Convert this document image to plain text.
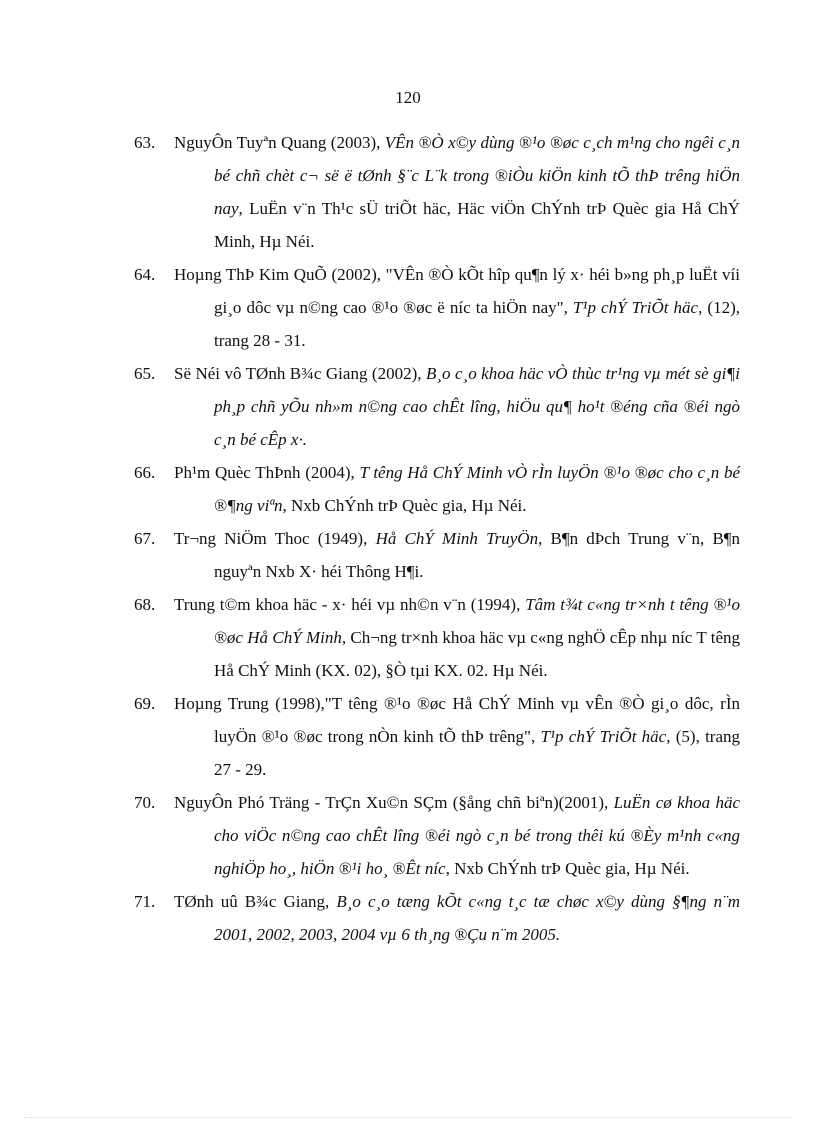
120
63. NguyÔn Tuyªn Quang (2003), VÊn ®Ò x©y dùng ®¹o ®øc c¸ch m¹ng cho ngêi c¸n bé chñ chèt c¬ së ë tØnh §¨c L¨k trong ®iÒu kiÖn kinh tÕ thÞ trêng hiÖn nay, LuËn v¨n Th¹c sÜ triÕt häc, Häc viÖn ChÝnh trÞ Quèc gia Hå ChÝ Minh, Hµ Néi.
64. Hoµng ThÞ Kim QuÕ (2002), "VÊn ®Ò kÕt hîp qu¶n lý x· héi b»ng ph¸p luËt víi gi¸o dôc vµ n©ng cao ®¹o ®øc ë níc ta hiÖn nay", T¹p chÝ TriÕt häc, (12), trang 28 - 31.
65. Së Néi vô TØnh B¾c Giang (2002), B¸o c¸o khoa häc vÒ thùc tr¹ng vµ mét sè gi¶i ph¸p chñ yÕu nh»m n©ng cao chÊt lîng, hiÖu qu¶ ho¹t ®éng cña ®éi ngò c¸n bé cÊp x·.
66. Ph¹m Quèc ThÞnh (2004), T têng Hå ChÝ Minh vÒ rÌn luyÖn ®¹o ®øc cho c¸n bé ®¶ng viªn, Nxb ChÝnh trÞ Quèc gia, Hµ Néi.
67. Tr¬ng NiÖm Thoc (1949), Hå ChÝ Minh TruyÖn, B¶n dÞch Trung v¨n, B¶n nguyªn Nxb X· héi Thông H¶i.
68. Trung t©m khoa häc - x· héi vµ nh©n v¨n (1994), Tâm t¾t c«ng tr×nh t têng ®¹o ®øc Hå ChÝ Minh, Ch¬ng tr×nh khoa häc vµ c«ng nghÖ cÊp nhµ níc T têng Hå ChÝ Minh (KX. 02), §Ò tµi KX. 02. Hµ Néi.
69. Hoµng Trung (1998),"T têng ®¹o ®øc Hå ChÝ Minh vµ vÊn ®Ò gi¸o dôc, rÌn luyÖn ®¹o ®øc trong nÒn kinh tÕ thÞ trêng", T¹p chÝ TriÕt häc, (5), trang 27 - 29.
70. NguyÔn Phó Träng - TrÇn Xu©n SÇm (§ång chñ biªn)(2001), LuËn cø khoa häc cho viÖc n©ng cao chÊt lîng ®éi ngò c¸n bé trong thêi kú ®Èy m¹nh c«ng nghiÖp ho¸, hiÖn ®¹i ho¸ ®Êt níc, Nxb ChÝnh trÞ Quèc gia, Hµ Néi.
71. TØnh uû B¾c Giang, B¸o c¸o tæng kÕt c«ng t¸c tæ chøc x©y dùng §¶ng n¨m 2001, 2002, 2003, 2004 vµ 6 th¸ng ®Çu n¨m 2005.
